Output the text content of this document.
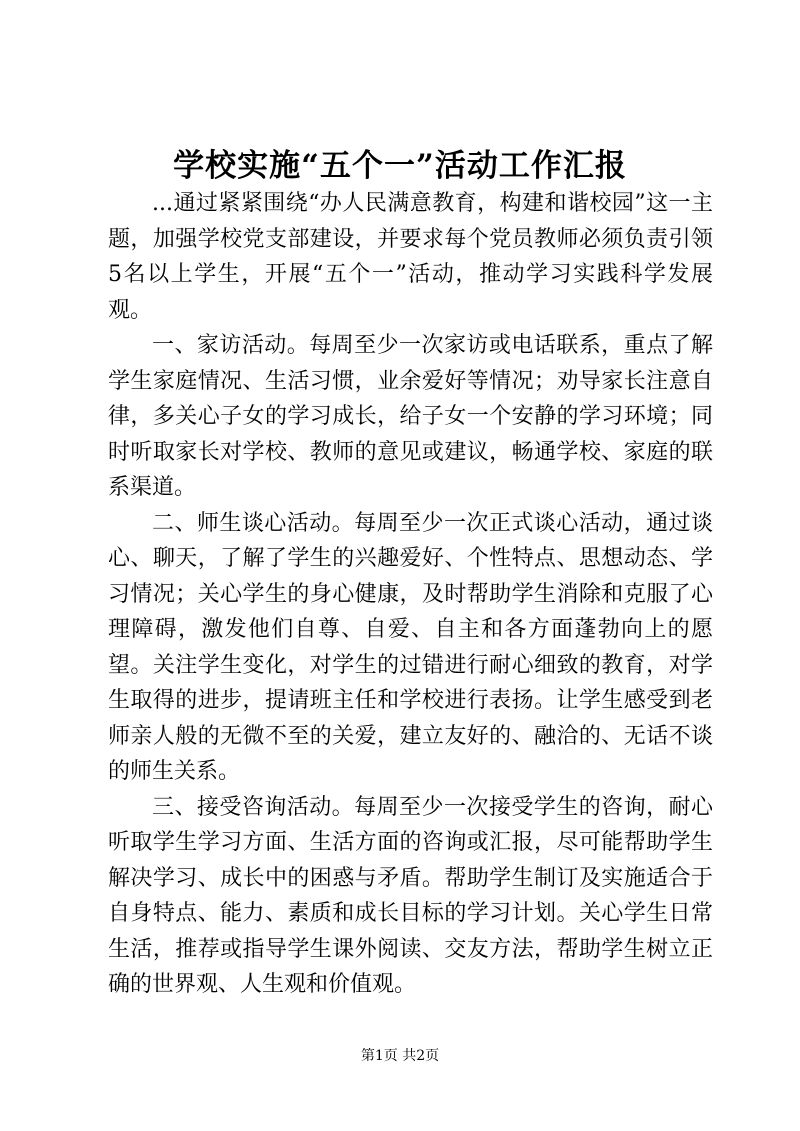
学校实施“五个一”活动工作汇报

...通过紧紧围绕“办人民满意教育，构建和谐校园”这一主题，加强学校党支部建设，并要求每个党员教师必须负责引领5名以上学生，开展“五个一”活动，推动学习实践科学发展观。

一、家访活动。每周至少一次家访或电话联系，重点了解学生家庭情况、生活习惯，业余爱好等情况；劝导家长注意自律，多关心子女的学习成长，给子女一个安静的学习环境；同时听取家长对学校、教师的意见或建议，畅通学校、家庭的联系渠道。

二、师生谈心活动。每周至少一次正式谈心活动，通过谈心、聊天，了解了学生的兴趣爱好、个性特点、思想动态、学习情况；关心学生的身心健康，及时帮助学生消除和克服了心理障碍，激发他们自尊、自爱、自主和各方面蓬勃向上的愿望。关注学生变化，对学生的过错进行耐心细致的教育，对学生取得的进步，提请班主任和学校进行表扬。让学生感受到老师亲人般的无微不至的关爱，建立友好的、融洽的、无话不谈的师生关系。

三、接受咨询活动。每周至少一次接受学生的咨询，耐心听取学生学习方面、生活方面的咨询或汇报，尽可能帮助学生解决学习、成长中的困惑与矛盾。帮助学生制订及实施适合于自身特点、能力、素质和成长目标的学习计划。关心学生日常生活，推荐或指导学生课外阅读、交友方法，帮助学生树立正确的世界观、人生观和价值观。

第1页 共2页
